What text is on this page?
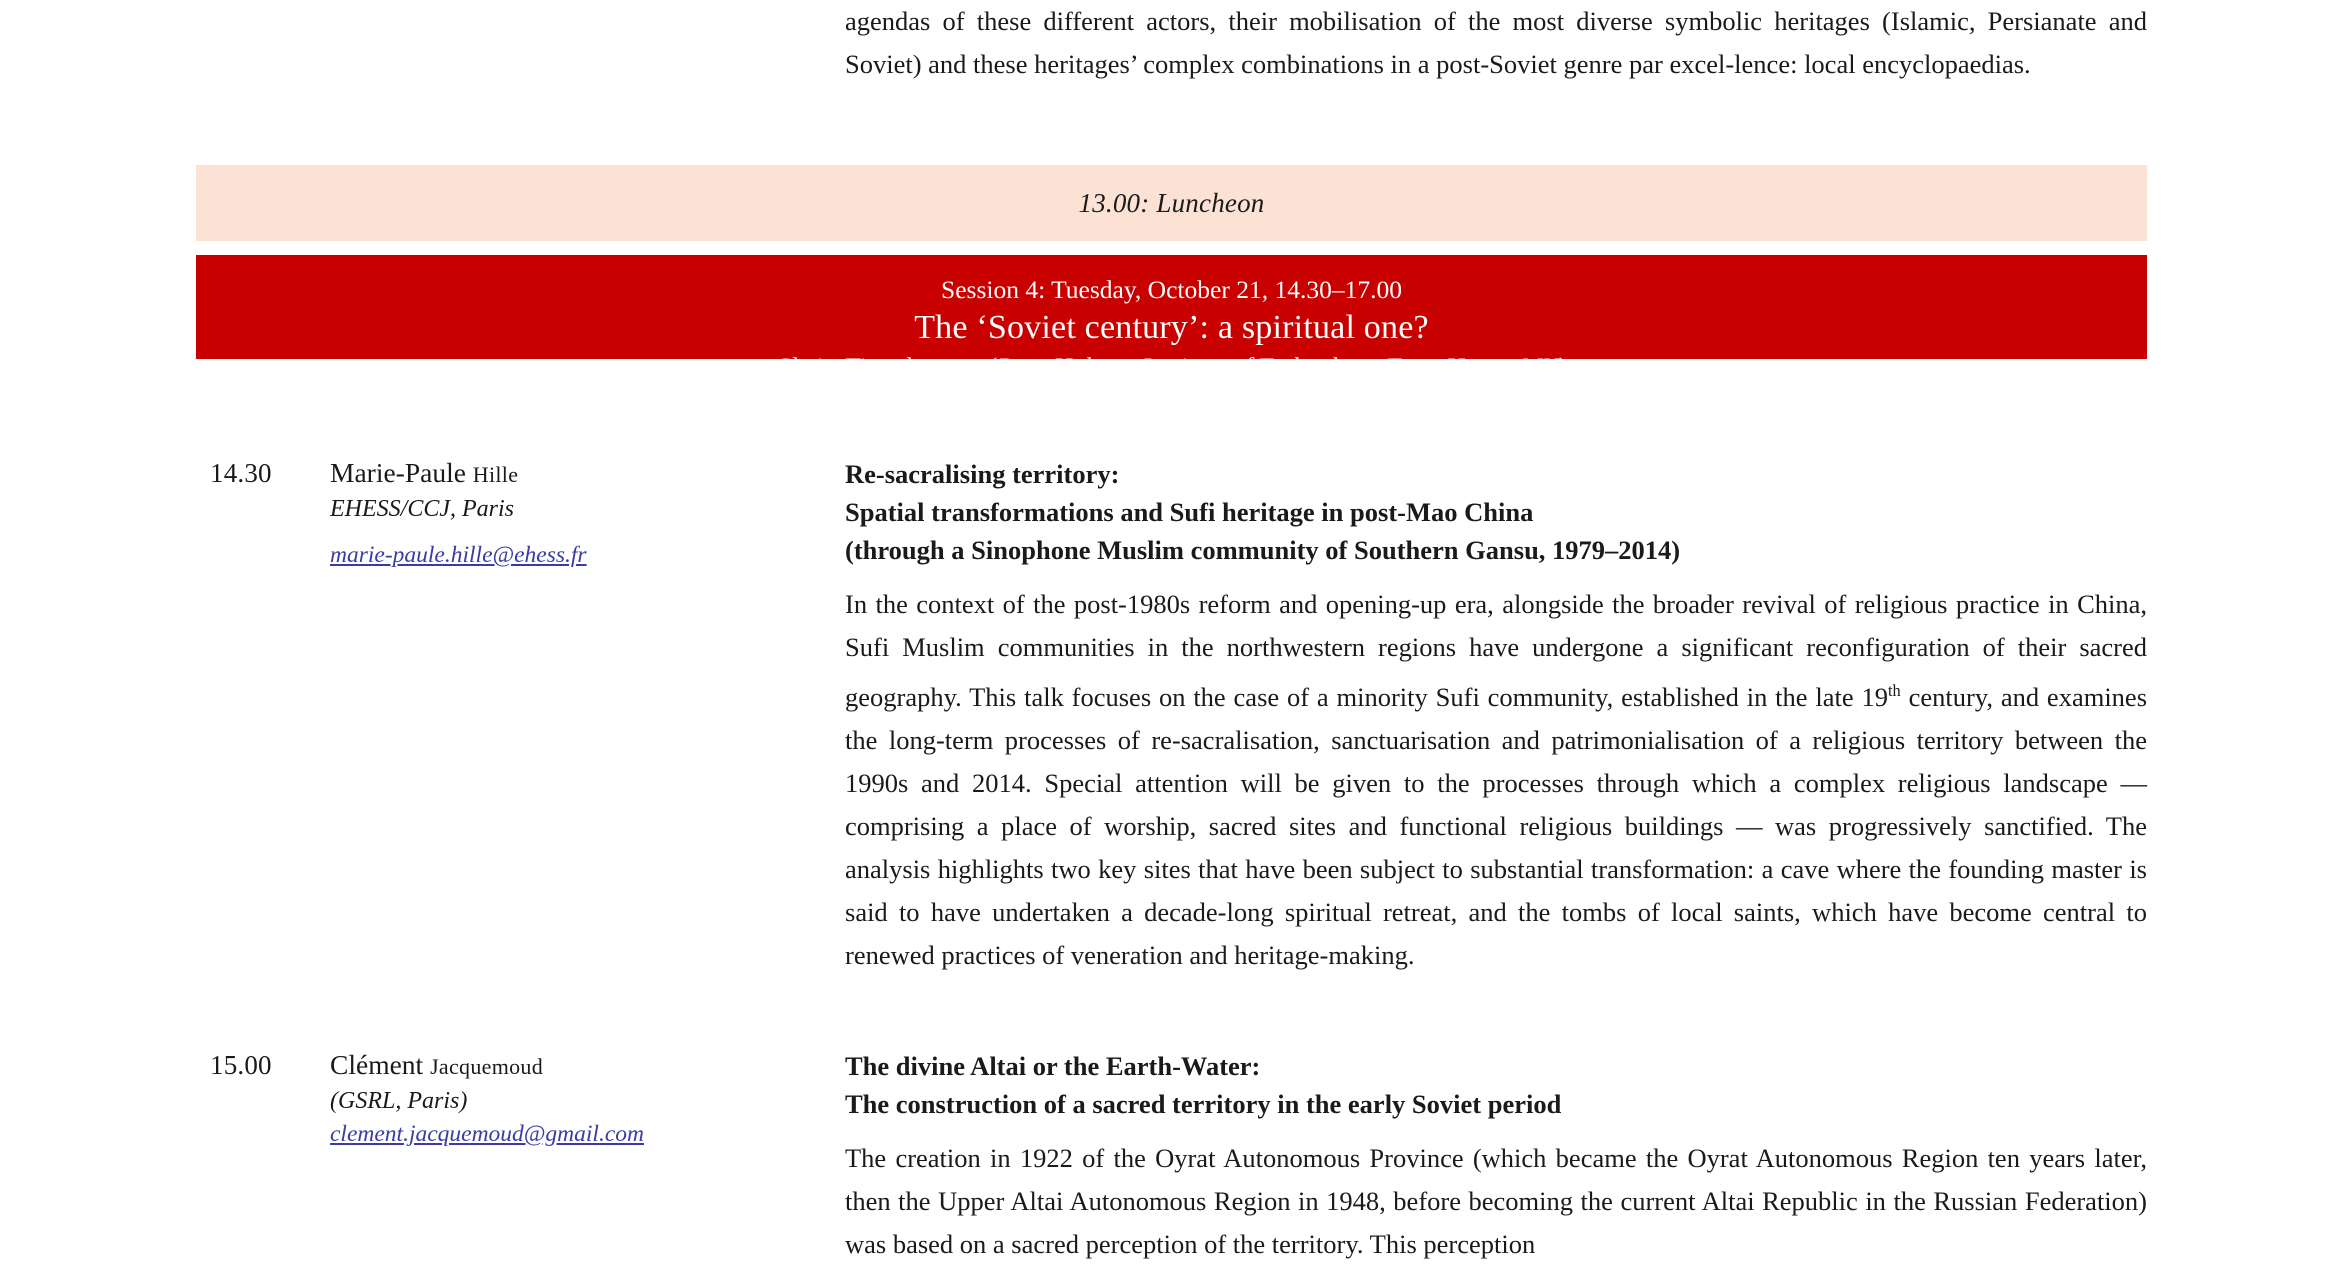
agendas of these different actors, their mobilisation of the most diverse symbolic heritages (Islamic, Persianate and Soviet) and these heritages’ complex combinations in a post-Soviet genre par excel-lence: local encyclopaedias.
13.00: Luncheon
Session 4: Tuesday, October 21, 14.30–17.00
The ‘Soviet century’: a spiritual one?
Chair: Timothy Grose(Rose Hulman Institute of Technology, Terre Haute, MN)
14.30 Marie-Paule Hille
EHESS/CCJ, Paris
marie-paule.hille@ehess.fr
Re-sacralising territory:
Spatial transformations and Sufi heritage in post-Mao China
(through a Sinophone Muslim community of Southern Gansu, 1979–2014)
In the context of the post-1980s reform and opening-up era, alongside the broader revival of religious practice in China, Sufi Muslim communities in the northwestern regions have undergone a significant reconfiguration of their sacred geography. This talk focuses on the case of a minority Sufi community, established in the late 19th century, and examines the long-term processes of re-sacralisation, sanctuarisation and patrimonialisation of a religious territory between the 1990s and 2014. Special attention will be given to the processes through which a complex religious landscape — comprising a place of worship, sacred sites and functional religious buildings — was progressively sanctified. The analysis highlights two key sites that have been subject to substantial transformation: a cave where the founding master is said to have undertaken a decade-long spiritual retreat, and the tombs of local saints, which have become central to renewed practices of veneration and heritage-making.
15.00 Clément Jacquemoud
(GSRL, Paris)
clement.jacquemoud@gmail.com
The divine Altai or the Earth-Water:
The construction of a sacred territory in the early Soviet period
The creation in 1922 of the Oyrat Autonomous Province (which became the Oyrat Autonomous Region ten years later, then the Upper Altai Autonomous Region in 1948, before becoming the current Altai Republic in the Russian Federation) was based on a sacred perception of the territory. This perception
